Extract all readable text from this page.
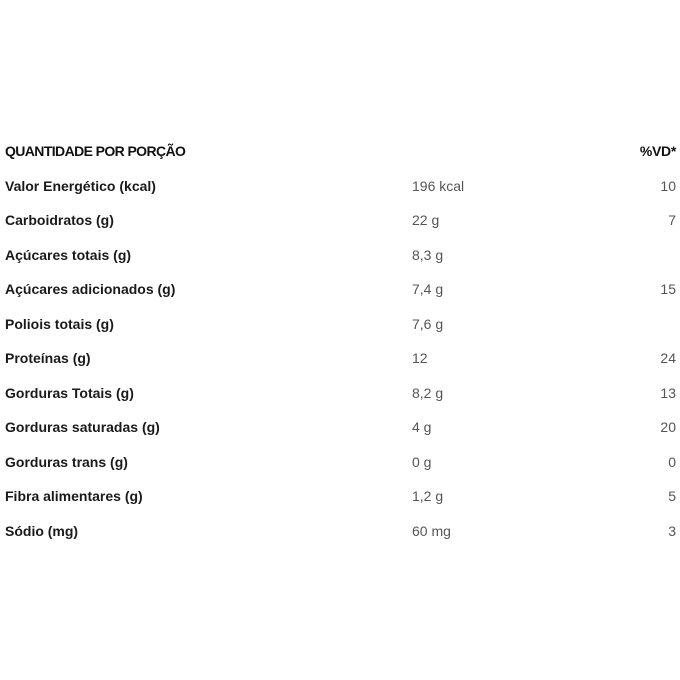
QUANTIDADE POR PORÇÃO	%VD*
Valor Energético (kcal)	196 kcal	10
Carboidratos (g)	22 g	7
Açúcares totais (g)	8,3 g
Açúcares adicionados (g)	7,4 g	15
Poliois totais (g)	7,6 g
Proteínas (g)	12	24
Gorduras Totais (g)	8,2 g	13
Gorduras saturadas (g)	4 g	20
Gorduras trans (g)	0 g	0
Fibra alimentares (g)	1,2 g	5
Sódio (mg)	60 mg	3
